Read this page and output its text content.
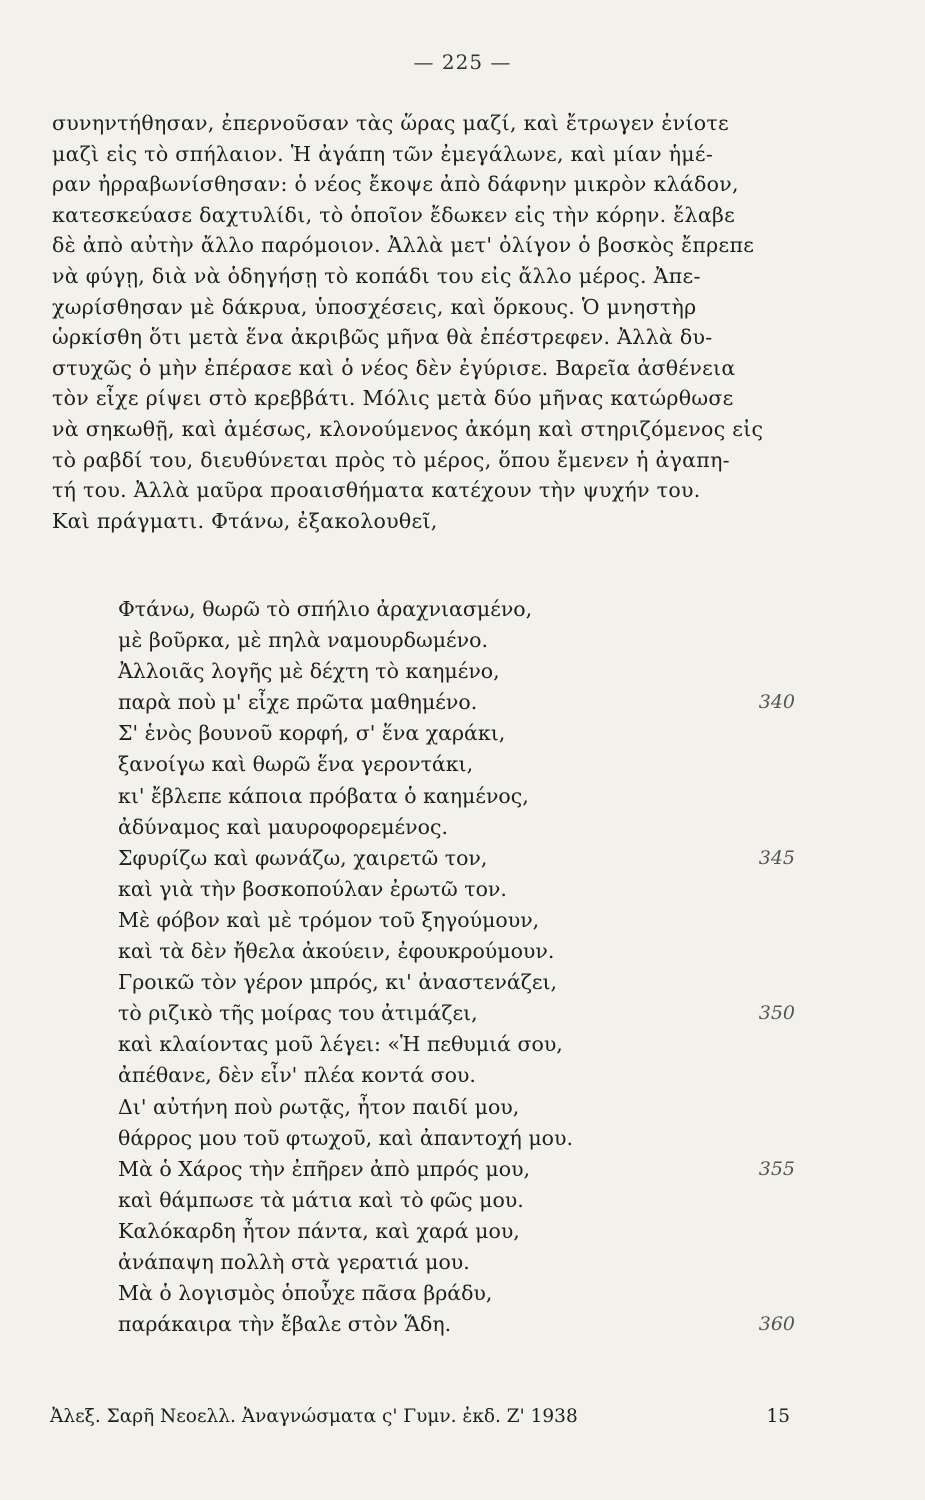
— 225 —
συνηντήθησαν, ἐπερνοῦσαν τὰς ὥρας μαζί, καὶ ἔτρωγεν ἐνίοτε
μαζὶ εἰς τὸ σπήλαιον. Ἡ ἀγάπη τῶν ἐμεγάλωνε, καὶ μίαν ἡμέ-
ραν ἠρραβωνίσθησαν: ὁ νέος ἔκοψε ἀπὸ δάφνην μικρὸν κλάδον,
κατεσκεύασε δαχτυλίδι, τὸ ὁποῖον ἔδωκεν εἰς τὴν κόρην. ἔλαβε
δὲ ἀπὸ αὐτὴν ἄλλο παρόμοιον. Ἀλλὰ μετ' ὀλίγον ὁ βοσκὸς ἔπρεπε
νὰ φύγῃ, διὰ νὰ ὁδηγήσῃ τὸ κοπάδι του εἰς ἄλλο μέρος. Ἀπε-
χωρίσθησαν μὲ δάκρυα, ὑποσχέσεις, καὶ ὅρκους. Ὁ μνηστὴρ
ὡρκίσθη ὅτι μετὰ ἕνα ἀκριβῶς μῆνα θὰ ἐπέστρεφεν. Ἀλλὰ δυ-
στυχῶς ὁ μὴν ἐπέρασε καὶ ὁ νέος δὲν ἐγύρισε. Βαρεῖα ἀσθένεια
τὸν εἶχε ρίψει στὸ κρεββάτι. Μόλις μετὰ δύο μῆνας κατώρθωσε
νὰ σηκωθῇ, καὶ ἀμέσως, κλονούμενος ἀκόμη καὶ στηριζόμενος εἰς
τὸ ραβδί του, διευθύνεται πρὸς τὸ μέρος, ὅπου ἔμενεν ἡ ἀγαπη-
τή του. Ἀλλὰ μαῦρα προαισθήματα κατέχουν τὴν ψυχήν του.
Καὶ πράγματι. Φτάνω, ἐξακολουθεῖ,
Φτάνω, θωρῶ τὸ σπήλιο ἀραχνιασμένο,
μὲ βοῦρκα, μὲ πηλὰ ναμουρδωμένο.
Ἀλλοιᾶς λογῆς μὲ δέχτη τὸ καημένο,
παρὰ ποὺ μ' εἶχε πρῶτα μαθημένο.	340
Σ' ἑνὸς βουνοῦ κορφή, σ' ἕνα χαράκι,
ξανοίγω καὶ θωρῶ ἕνα γεροντάκι,
κι' ἔβλεπε κάποια πρόβατα ὁ καημένος,
ἀδύναμος καὶ μαυροφορεμένος.
Σφυρίζω καὶ φωνάζω, χαιρετῶ τον,	345
καὶ γιὰ τὴν βοσκοπούλαν ἐρωτῶ τον.
Μὲ φόβον καὶ μὲ τρόμον τοῦ ξηγούμουν,
καὶ τὰ δὲν ἤθελα ἀκούειν, ἐφουκρούμουν.
Γροικῶ τὸν γέρον μπρός, κι' ἀναστενάζει,
τὸ ριζικὸ τῆς μοίρας του ἀτιμάζει,	350
καὶ κλαίοντας μοῦ λέγει: «Ἡ πεθυμιά σου,
ἀπέθανε, δὲν εἶν' πλέα κοντά σου.
Δι' αὐτήνη ποὺ ρωτᾷς, ἦτον παιδί μου,
θάρρος μου τοῦ φτωχοῦ, καὶ ἀπαντοχή μου.
Μὰ ὁ Χάρος τὴν ἐπῆρεν ἀπὸ μπρός μου,	355
καὶ θάμπωσε τὰ μάτια καὶ τὸ φῶς μου.
Καλόκαρδη ἦτον πάντα, καὶ χαρά μου,
ἀνάπαψη πολλὴ στὰ γερατιά μου.
Μὰ ὁ λογισμὸς ὁποὖχε πᾶσα βράδυ,
παράκαιρα τὴν ἔβαλε στὸν Ἅδη.	360
Ἀλεξ. Σαρῆ Νεοελλ. Ἀναγνώσματα ς' Γυμν. ἐκδ. Ζ' 1938	15
